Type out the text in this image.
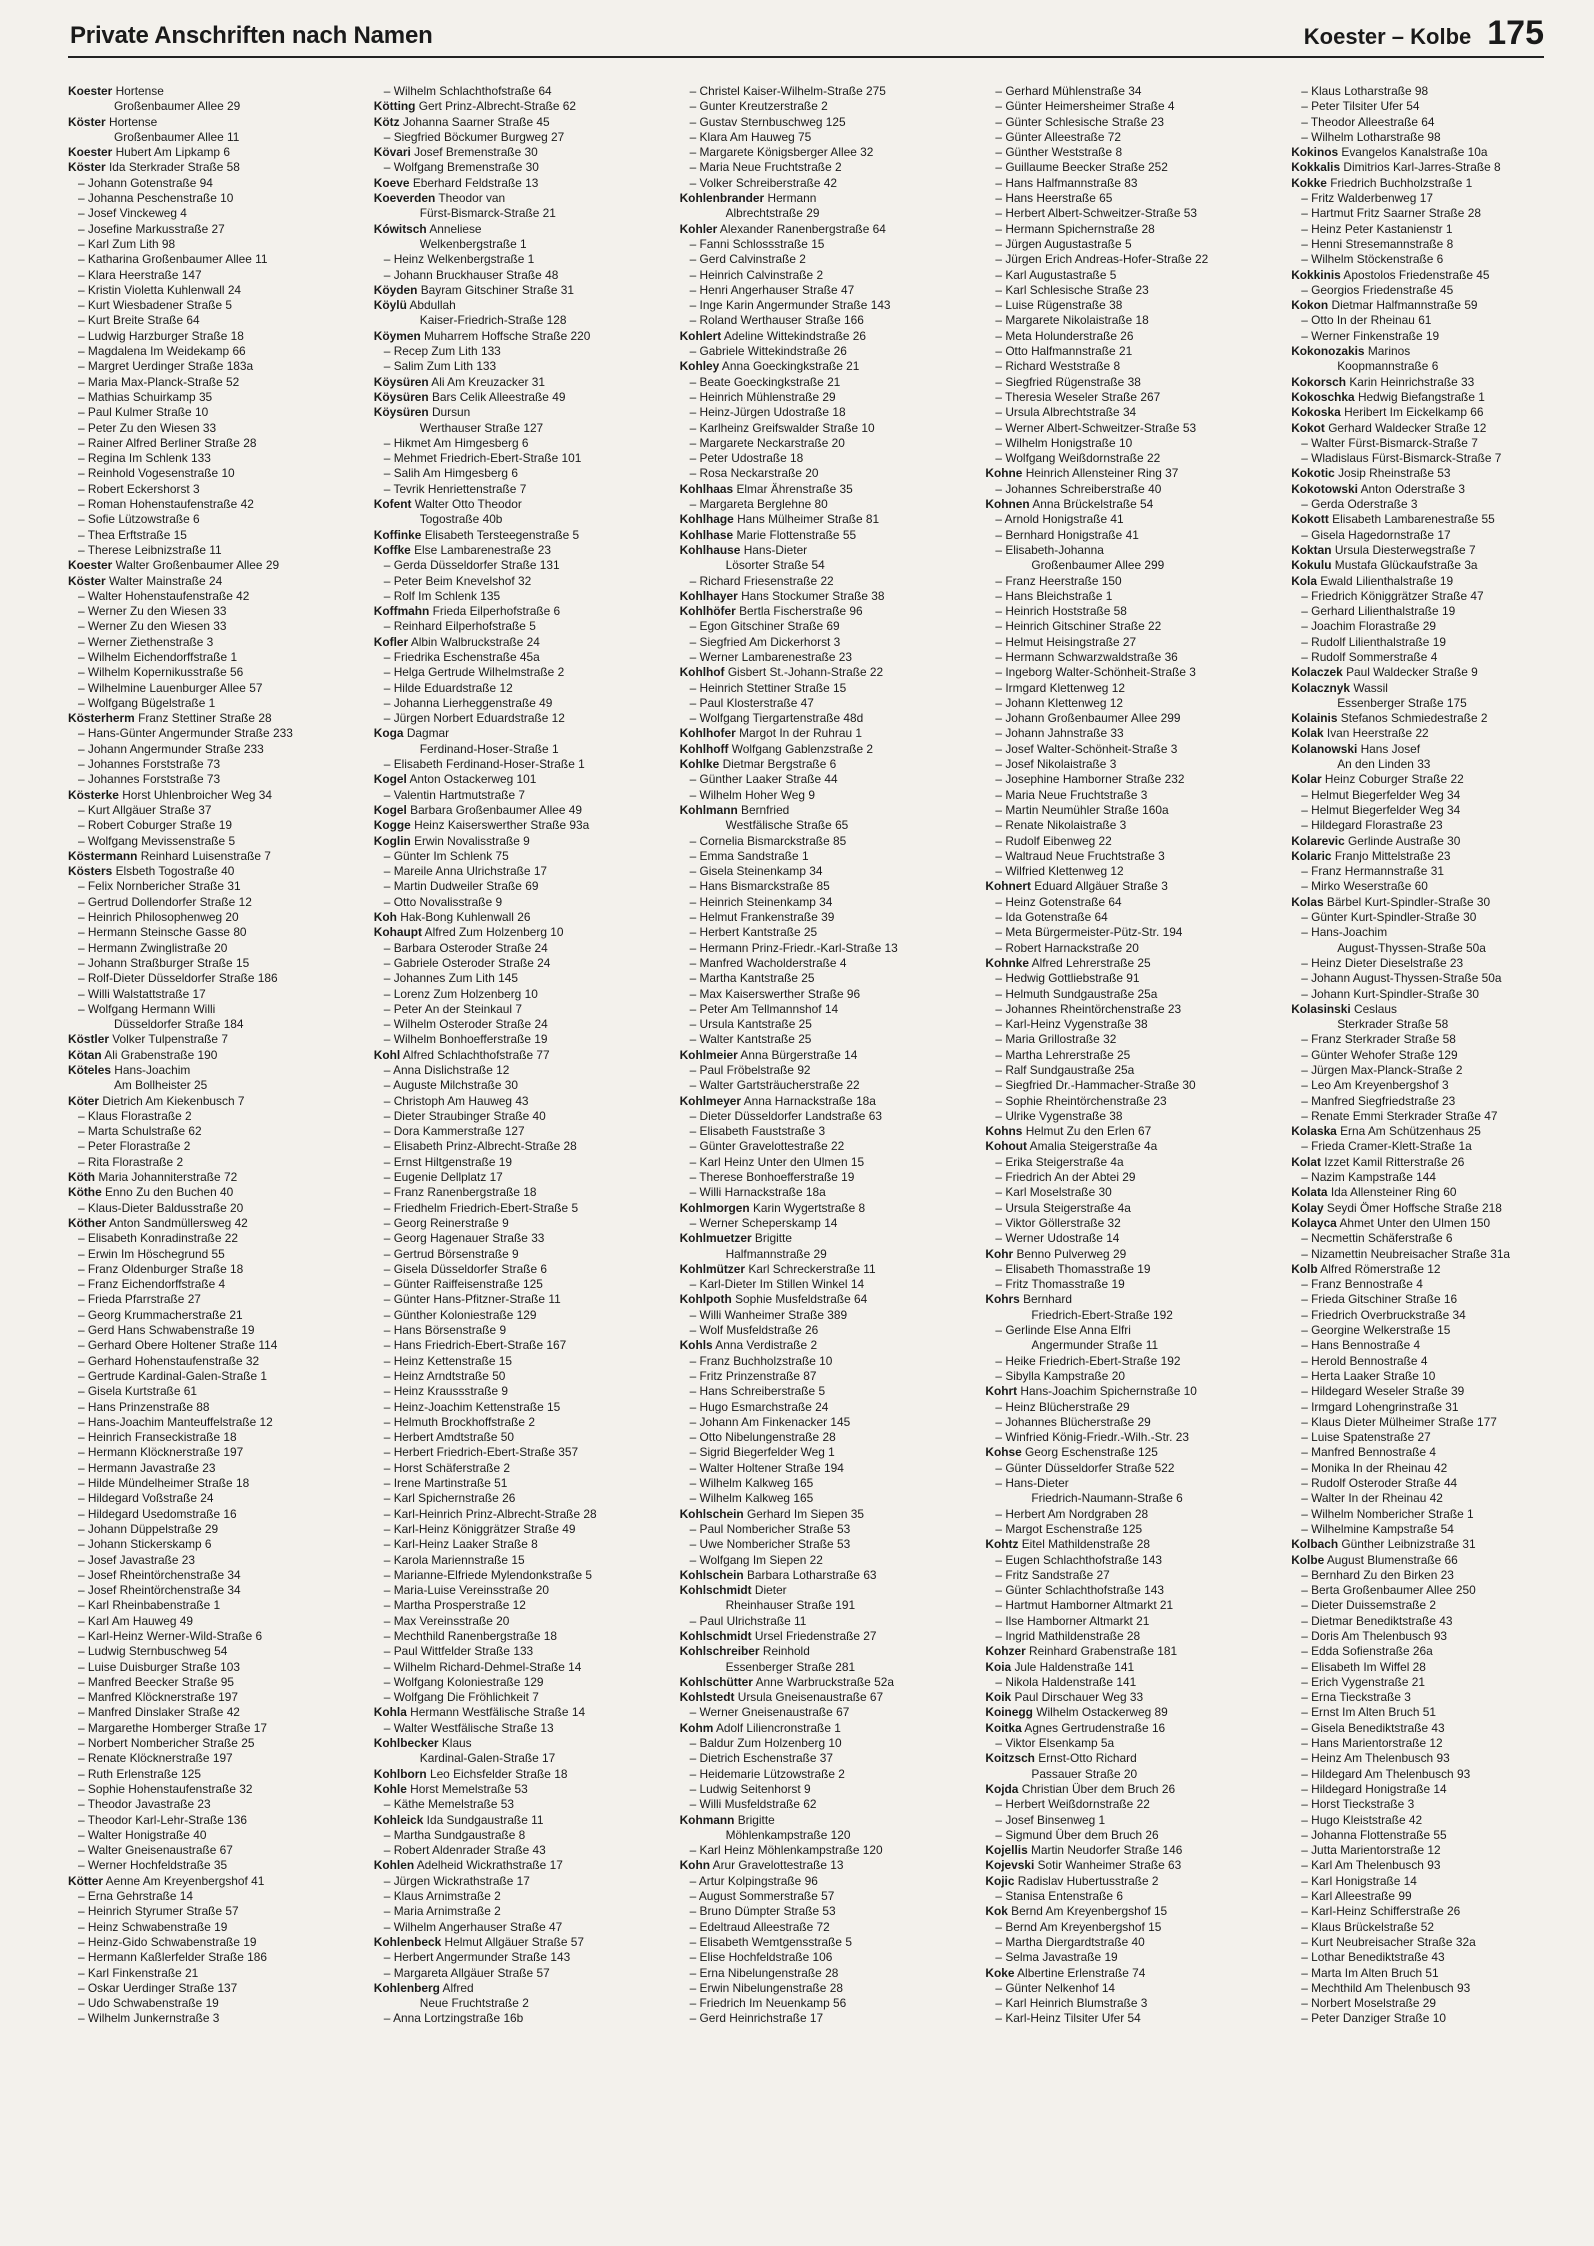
Private Anschriften nach Namen	Koester – Kolbe 175
Koester Hortense
Großenbaumer Allee 29
Köster Hortense
Großenbaumer Allee 11
Koester Hubert Am Lipkamp 6
Köster Ida Sterkrader Straße 58
– Johann Gotenstraße 94
– Johanna Peschenstraße 10
– Josef Vinckeweg 4
– Josefine Markusstraße 27
– Karl Zum Lith 98
– Katharina Großenbaumer Allee 11
– Klara Heerstraße 147
– Kristin Violetta Kuhlenwall 24
– Kurt Wiesbadener Straße 5
– Kurt Breite Straße 64
– Ludwig Harzburger Straße 18
– Magdalena Im Weidekamp 66
– Margret Uerdinger Straße 183a
– Maria Max-Planck-Straße 52
– Mathias Schuirkamp 35
– Paul Kulmer Straße 10
– Peter Zu den Wiesen 33
– Rainer Alfred Berliner Straße 28
– Regina Im Schlenk 133
– Reinhold Vogesenstraße 10
– Robert Eckershorst 3
– Roman Hohenstaufenstraße 42
– Sofie Lützowstraße 6
– Thea Erftstraße 15
– Therese Leibnizstraße 11
Koester Walter Großenbaumer Allee 29
Köster Walter Mainstraße 24
– Walter Hohenstaufenstraße 42
– Werner Zu den Wiesen 33
– Werner Zu den Wiesen 33
– Werner Ziethenstraße 3
– Wilhelm Eichendorffstraße 1
– Wilhelm Kopernikusstraße 56
– Wilhelmine Lauenburger Allee 57
– Wolfgang Bügelstraße 1
Kösterherm Franz Stettiner Straße 28
– Hans-Günter Angermunder Straße 233
– Johann Angermunder Straße 233
– Johannes Forststraße 73
– Johannes Forststraße 73
Kösterke Horst Uhlenbroicher Weg 34
– Kurt Allgäuer Straße 37
– Robert Coburger Straße 19
– Wolfgang Mevissenstraße 5
Köstermann Reinhard Luisenstraße 7
Kösters Elsbeth Togostraße 40
– Felix Nornbericher Straße 31
– Gertrud Dollendorfer Straße 12
– Heinrich Philosophenweg 20
– Hermann Steinsche Gasse 80
– Hermann Zwinglistraße 20
– Johann Straßburger Straße 15
– Rolf-Dieter Düsseldorfer Straße 186
– Willi Walstattstraße 17
– Wolfgang Hermann Willi
Düsseldorfer Straße 184
Köstler Volker Tulpenstraße 7
Kötan Ali Grabenstraße 190
Köteles Hans-Joachim
Am Bollheister 25
Köter Dietrich Am Kiekenbusch 7
– Klaus Florastraße 2
– Marta Schulstraße 62
– Peter Florastraße 2
– Rita Florastraße 2
Köth Maria Johanniterstraße 72
Köthe Enno Zu den Buchen 40
– Klaus-Dieter Baldusstraße 20
Köther Anton Sandmüllersweg 42
– Elisabeth Konradinstraße 22
– Erwin Im Höschegrund 55
– Franz Oldenburger Straße 18
– Franz Eichendorffstraße 4
– Frieda Pfarrstraße 27
– Georg Krummacherstraße 21
– Gerd Hans Schwabenstraße 19
– Gerhard Obere Holtener Straße 114
– Gerhard Hohenstaufenstraße 32
– Gertrude Kardinal-Galen-Straße 1
– Gisela Kurtstraße 61
– Hans Prinzenstraße 88
– Hans-Joachim Manteuffelstraße 12
– Heinrich Franseckistraße 18
– Hermann Klöcknerstraße 197
– Hermann Javastraße 23
– Hilde Mündelheimer Straße 18
– Hildegard Voßstraße 24
– Hildegard Usedomstraße 16
– Johann Düppelstraße 29
– Johann Stickerskamp 6
– Josef Javastraße 23
– Josef Rheintörchenstraße 34
– Josef Rheintörchenstraße 34
– Karl Rheinbabenstraße 1
– Karl Am Hauweg 49
– Karl-Heinz Werner-Wild-Straße 6
– Ludwig Sternbuschweg 54
– Luise Duisburger Straße 103
– Manfred Beecker Straße 95
– Manfred Klöcknerstraße 197
– Manfred Dinslaker Straße 42
– Margarethe Homberger Straße 17
– Norbert Nombericher Straße 25
– Renate Klöcknerstraße 197
– Ruth Erlenstraße 125
– Sophie Hohenstaufenstraße 32
– Theodor Javastraße 23
– Theodor Karl-Lehr-Straße 136
– Walter Honigstraße 40
– Walter Gneisenaustraße 67
– Werner Hochfeldstraße 35
Kötter Aenne Am Kreyenbergshof 41
– Erna Gehrstraße 14
– Heinrich Styrumer Straße 57
– Heinz Schwabenstraße 19
– Heinz-Gido Schwabenstraße 19
– Hermann Kaßlerfelder Straße 186
– Karl Finkenstraße 21
– Oskar Uerdinger Straße 137
– Udo Schwabenstraße 19
– Wilhelm Junkernstraße 3
– Wilhelm Schlachthofstraße 64
Kötting Gert Prinz-Albrecht-Straße 62
Kötz Johanna Saarner Straße 45
– Siegfried Böckumer Burgweg 27
Kövari Josef Bremenstraße 30
– Wolfgang Bremenstraße 30
Koeve Eberhard Feldstraße 13
Koeverden Theodor van
Fürst-Bismarck-Straße 21
Kówitsch Anneliese
Welkenbergstraße 1
– Heinz Welkenbergstraße 1
– Johann Bruckhauser Straße 48
Köyden Bayram Gitschiner Straße 31
Köylü Abdullah
Kaiser-Friedrich-Straße 128
Köymen Muharrem Hoffsche Straße 220
– Recep Zum Lith 133
– Salim Zum Lith 133
Köysüren Ali Am Kreuzacker 31
Köysüren Bars Celik Alleestraße 49
Köysüren Dursun
Werthauser Straße 127
– Hikmet Am Himgesberg 6
– Mehmet Friedrich-Ebert-Straße 101
– Salih Am Himgesberg 6
– Tevrik Henriettenstraße 7
Kofent Walter Otto Theodor
Togostraße 40b
Koffinke Elisabeth Tersteegenstraße 5
Koffke Else Lambarenestraße 23
– Gerda Düsseldorfer Straße 131
– Peter Beim Knevelshof 32
– Rolf Im Schlenk 135
Koffmahn Frieda Eilperhofstraße 6
– Reinhard Eilperhofstraße 5
Kofler Albin Walbruckstraße 24
– Friedrika Eschenstraße 45a
– Helga Gertrude Wilhelmstraße 2
– Hilde Eduardstraße 12
– Johanna Lierheggenstraße 49
– Jürgen Norbert Eduardstraße 12
Koga Dagmar
Ferdinand-Hoser-Straße 1
– Elisabeth Ferdinand-Hoser-Straße 1
Kogel Anton Ostackerweg 101
– Valentin Hartmutstraße 7
Kogel Barbara Großenbaumer Allee 49
Kogge Heinz Kaiserswerther Straße 93a
Koglin Erwin Novalisstraße 9
– Günter Im Schlenk 75
– Mareile Anna Ulrichstraße 17
– Martin Dudweiler Straße 69
– Otto Novalisstraße 9
Koh Hak-Bong Kuhlenwall 26
Kohaupt Alfred Zum Holzenberg 10
– Barbara Osteroder Straße 24
– Gabriele Osteroder Straße 24
– Johannes Zum Lith 145
– Lorenz Zum Holzenberg 10
– Peter An der Steinkaul 7
– Wilhelm Osteroder Straße 24
– Wilhelm Bonhoefferstraße 19
Kohl Alfred Schlachthofstraße 77
– Anna Dislichstraße 12
– Auguste Milchstraße 30
– Christoph Am Hauweg 43
– Dieter Straubinger Straße 40
– Dora Kammerstraße 127
– Elisabeth Prinz-Albrecht-Straße 28
– Ernst Hiltgenstraße 19
– Eugenie Dellplatz 17
– Franz Ranenbergstraße 18
– Friedhelm Friedrich-Ebert-Straße 5
– Georg Reinerstraße 9
– Georg Hagenauer Straße 33
– Gertrud Börsenstraße 9
– Gisela Düsseldorfer Straße 6
– Günter Raiffeisenstraße 125
– Günter Hans-Pfitzner-Straße 11
– Günther Koloniestraße 129
– Hans Börsenstraße 9
– Hans Friedrich-Ebert-Straße 167
– Heinz Kettenstraße 15
– Heinz Arndtstraße 50
– Heinz Kraussstraße 9
– Heinz-Joachim Kettenstraße 15
– Helmuth Brockhoffstraße 2
– Herbert Amdtstraße 50
– Herbert Friedrich-Ebert-Straße 357
– Horst Schäferstraße 2
– Irene Martinstraße 51
– Karl Spichernstraße 26
– Karl-Heinrich Prinz-Albrecht-Straße 28
– Karl-Heinz Königgrätzer Straße 49
– Karl-Heinz Laaker Straße 8
– Karola Mariennstraße 15
– Marianne-Elfriede Mylendonkstraße 5
– Maria-Luise Vereinsstraße 20
– Martha Prosperstraße 12
– Max Vereinsstraße 20
– Mechthild Ranenbergstraße 18
– Paul Wittfelder Straße 133
– Wilhelm Richard-Dehmel-Straße 14
– Wolfgang Koloniestraße 129
– Wolfgang Die Fröhlichkeit 7
Kohla Hermann Westfälische Straße 14
– Walter Westfälische Straße 13
Kohlbecker Klaus
Kardinal-Galen-Straße 17
Kohlborn Leo Eichsfelder Straße 18
Kohle Horst Memelstraße 53
– Käthe Memelstraße 53
Kohleick Ida Sundgaustraße 11
– Martha Sundgaustraße 8
– Robert Aldenrader Straße 43
Kohlen Adelheid Wickrathstraße 17
– Jürgen Wickrathstraße 17
– Klaus Arnimstraße 2
– Maria Arnimstraße 2
– Wilhelm Angerhauser Straße 47
Kohlenbeck Helmut Allgäuer Straße 57
– Herbert Angermunder Straße 143
– Margareta Allgäuer Straße 57
Kohlenberg Alfred
Neue Fruchtstraße 2
– Anna Lortzingstraße 16b
– Christel Kaiser-Wilhelm-Straße 275
– Gunter Kreutzerstraße 2
– Gustav Sternbuschweg 125
– Klara Am Hauweg 75
– Margarete Königsberger Allee 32
– Maria Neue Fruchtstraße 2
– Volker Schreiberstraße 42
Kohlenbrander Hermann
Albrechtstraße 29
Kohler Alexander Ranenbergstraße 64
– Fanni Schlossstraße 15
– Gerd Calvinstraße 2
– Heinrich Calvinstraße 2
– Henri Angerhauser Straße 47
– Inge Karin Angermunder Straße 143
– Roland Werthauser Straße 166
Kohlert Adeline Wittekindstraße 26
– Gabriele Wittekindstraße 26
Kohley Anna Goeckingkstraße 21
– Beate Goeckingkstraße 21
– Heinrich Mühlenstraße 29
– Heinz-Jürgen Udostraße 18
– Karlheinz Greifswalder Straße 10
– Margarete Neckarstraße 20
– Peter Udostraße 18
– Rosa Neckarstraße 20
Kohlhaas Elmar Ährenstraße 35
– Margareta Berglehne 80
Kohlhage Hans Mülheimer Straße 81
Kohlhase Marie Flottenstraße 55
Kohlhause Hans-Dieter
Lösorter Straße 54
– Richard Friesenstraße 22
Kohlhayer Hans Stockumer Straße 38
Kohlhöfer Bertla Fischerstraße 96
– Egon Gitschiner Straße 69
– Siegfried Am Dickerhorst 3
– Werner Lambarenestraße 23
Kohlhof Gisbert St.-Johann-Straße 22
– Heinrich Stettiner Straße 15
– Paul Klosterstraße 47
– Wolfgang Tiergartenstraße 48d
Kohlhofer Margot In der Ruhrau 1
Kohlhoff Wolfgang Gablenzstraße 2
Kohlke Dietmar Bergstraße 6
– Günther Laaker Straße 44
– Wilhelm Hoher Weg 9
Kohlmann Bernfried
Westfälische Straße 65
– Cornelia Bismarckstraße 85
– Emma Sandstraße 1
– Gisela Steinenkamp 34
– Hans Bismarckstraße 85
– Heinrich Steinenkamp 34
– Helmut Frankenstraße 39
– Herbert Kantstraße 25
– Hermann Prinz-Friedr.-Karl-Straße 13
– Manfred Wacholderstraße 4
– Martha Kantstraße 25
– Max Kaiserswerther Straße 96
– Peter Am Tellmannshof 14
– Ursula Kantstraße 25
– Walter Kantstraße 25
Kohlmeier Anna Bürgerstraße 14
– Paul Fröbelstraße 92
– Walter Gartsträucherstraße 22
Kohlmeyer Anna Harnackstraße 18a
– Dieter Düsseldorfer Landstraße 63
– Elisabeth Fauststraße 3
– Günter Gravelottestraße 22
– Karl Heinz Unter den Ulmen 15
– Therese Bonhoefferstraße 19
– Willi Harnackstraße 18a
Kohlmorgen Karin Wygertstraße 8
– Werner Scheperskamp 14
Kohlmuetzer Brigitte
Halfmannstraße 29
Kohlmützer Karl Schreckerstraße 11
– Karl-Dieter Im Stillen Winkel 14
Kohlpoth Sophie Musfeldstraße 64
– Willi Wanheimer Straße 389
– Wolf Musfeldstraße 26
Kohls Anna Verdistraße 2
– Franz Buchholzstraße 10
– Fritz Prinzenstraße 87
– Hans Schreiberstraße 5
– Hugo Esmarchstraße 24
– Johann Am Finkenacker 145
– Otto Nibelungenstraße 28
– Sigrid Biegerfelder Weg 1
– Walter Holtener Straße 194
– Wilhelm Kalkweg 165
– Wilhelm Kalkweg 165
Kohlschein Gerhard Im Siepen 35
– Paul Nombericher Straße 53
– Uwe Nombericher Straße 53
– Wolfgang Im Siepen 22
Kohlschein Barbara Lotharstraße 63
Kohlschmidt Dieter
Rheinhauser Straße 191
– Paul Ulrichstraße 11
Kohlschmidt Ursel Friedenstraße 27
Kohlschreiber Reinhold
Essenberger Straße 281
Kohlschütter Anne Warbruckstraße 52a
Kohlstedt Ursula Gneisenaustraße 67
– Werner Gneisenaustraße 67
Kohm Adolf Liliencronstraße 1
– Baldur Zum Holzenberg 10
– Dietrich Eschenstraße 37
– Heidemarie Lützowstraße 2
– Ludwig Seitenhorst 9
– Willi Musfeldstraße 62
Kohmann Brigitte
Möhlenkampstraße 120
– Karl Heinz Möhlenkampstraße 120
Kohn Arur Gravelottestraße 13
– Artur Kolpingstraße 96
– August Sommerstraße 57
– Bruno Dümpter Straße 53
– Edeltraud Alleestraße 72
– Elisabeth Wemtgensstraße 5
– Elise Hochfeldstraße 106
– Erna Nibelungenstraße 28
– Erwin Nibelungenstraße 28
– Friedrich Im Neuenkamp 56
– Gerd Heinrichstraße 17
– Gerhard Mühlenstraße 34
– Günter Heimersheimer Straße 4
– Günter Schlesische Straße 23
– Günter Alleestraße 72
– Günther Weststraße 8
– Guillaume Beecker Straße 252
– Hans Halfmannstraße 83
– Hans Heerstraße 65
– Herbert Albert-Schweitzer-Straße 53
– Hermann Spichernstraße 28
– Jürgen Augustastraße 5
– Jürgen Erich Andreas-Hofer-Straße 22
– Karl Augustastraße 5
– Karl Schlesische Straße 23
– Luise Rügenstraße 38
– Margarete Nikolaistraße 18
– Meta Holunderstraße 26
– Otto Halfmannstraße 21
– Richard Weststraße 8
– Siegfried Rügenstraße 38
– Theresia Weseler Straße 267
– Ursula Albrechtstraße 34
– Werner Albert-Schweitzer-Straße 53
– Wilhelm Honigstraße 10
– Wolfgang Weißdornstraße 22
Kohne Heinrich Allensteiner Ring 37
– Johannes Schreiberstraße 40
Kohnen Anna Brückelstraße 54
– Arnold Honigstraße 41
– Bernhard Honigstraße 41
– Elisabeth-Johanna
Großenbaumer Allee 299
– Franz Heerstraße 150
– Hans Bleichstraße 1
– Heinrich Hoststraße 58
– Heinrich Gitschiner Straße 22
– Helmut Heisingstraße 27
– Hermann Schwarzwaldstraße 36
– Ingeborg Walter-Schönheit-Straße 3
– Irmgard Klettenweg 12
– Johann Klettenweg 12
– Johann Großenbaumer Allee 299
– Johann Jahnstraße 33
– Josef Walter-Schönheit-Straße 3
– Josef Nikolaistraße 3
– Josephine Hamborner Straße 232
– Maria Neue Fruchtstraße 3
– Martin Neumühler Straße 160a
– Renate Nikolaistraße 3
– Rudolf Eibenweg 22
– Waltraud Neue Fruchtstraße 3
– Wilfried Klettenweg 12
Kohnert Eduard Allgäuer Straße 3
– Heinz Gotenstraße 64
– Ida Gotenstraße 64
– Meta Bürgermeister-Pütz-Str. 194
– Robert Harnackstraße 20
Kohnke Alfred Lehrerstraße 25
– Hedwig Gottliebstraße 91
– Helmuth Sundgaustraße 25a
– Johannes Rheintörchenstraße 23
– Karl-Heinz Vygenstraße 38
– Maria Grillostraße 32
– Martha Lehrerstraße 25
– Ralf Sundgaustraße 25a
– Siegfried Dr.-Hammacher-Straße 30
– Sophie Rheintörchenstraße 23
– Ulrike Vygenstraße 38
Kohns Helmut Zu den Erlen 67
Kohout Amalia Steigerstraße 4a
– Erika Steigerstraße 4a
– Friedrich An der Abtei 29
– Karl Moselstraße 30
– Ursula Steigerstraße 4a
– Viktor Göllerstraße 32
– Werner Udostraße 14
Kohr Benno Pulverweg 29
– Elisabeth Thomasstraße 19
– Fritz Thomasstraße 19
Kohrs Bernhard
Friedrich-Ebert-Straße 192
– Gerlinde Else Anna Elfri
Angermunder Straße 11
– Heike Friedrich-Ebert-Straße 192
– Sibylla Kampstraße 20
Kohrt Hans-Joachim Spichernstraße 10
– Heinz Blücherstraße 29
– Johannes Blücherstraße 29
– Winfried König-Friedr.-Wilh.-Str. 23
Kohse Georg Eschenstraße 125
– Günter Düsseldorfer Straße 522
– Hans-Dieter
Friedrich-Naumann-Straße 6
– Herbert Am Nordgraben 28
– Margot Eschenstraße 125
Kohtz Eitel Mathildenstraße 28
– Eugen Schlachthofstraße 143
– Fritz Sandstraße 27
– Günter Schlachthofstraße 143
– Hartmut Hamborner Altmarkt 21
– Ilse Hamborner Altmarkt 21
– Ingrid Mathildenstraße 28
Kohzer Reinhard Grabenstraße 181
Koia Jule Haldenstraße 141
– Nikola Haldenstraße 141
Koik Paul Dirschauer Weg 33
Koinegg Wilhelm Ostackerweg 89
Koitka Agnes Gertrudenstraße 16
– Viktor Elsenkamp 5a
Koitzsch Ernst-Otto Richard
Passauer Straße 20
Kojda Christian Über dem Bruch 26
– Herbert Weißdornstraße 22
– Josef Binsenweg 1
– Sigmund Über dem Bruch 26
Kojellis Martin Neudorfer Straße 146
Kojevski Sotir Wanheimer Straße 63
Kojic Radislav Hubertusstraße 2
– Stanisa Entenstraße 6
Kok Bernd Am Kreyenbergshof 15
– Bernd Am Kreyenbergshof 15
– Martha Diergardtstraße 40
– Selma Javastraße 19
Koke Albertine Erlenstraße 74
– Günter Nelkenhof 14
– Karl Heinrich Blumstraße 3
– Karl-Heinz Tilsiter Ufer 54
– Klaus Lotharstraße 98
– Peter Tilsiter Ufer 54
– Theodor Alleestraße 64
– Wilhelm Lotharstraße 98
Kokinos Evangelos Kanalstraße 10a
Kokkalis Dimitrios Karl-Jarres-Straße 8
Kokke Friedrich Buchholzstraße 1
– Fritz Walderbenweg 17
– Hartmut Fritz Saarner Straße 28
– Heinz Peter Kastanienstr 1
– Henni Stresemannstraße 8
– Wilhelm Stöckenstraße 6
Kokkinis Apostolos Friedenstraße 45
– Georgios Friedenstraße 45
Kokon Dietmar Halfmannstraße 59
– Otto In der Rheinau 61
– Werner Finkenstraße 19
Kokonozakis Marinos
Koopmannstraße 6
Kokorsch Karin Heinrichstraße 33
Kokoschka Hedwig Biefangstraße 1
Kokoska Heribert Im Eickelkamp 66
Kokot Gerhard Waldecker Straße 12
– Walter Fürst-Bismarck-Straße 7
– Wladislaus Fürst-Bismarck-Straße 7
Kokotic Josip Rheinstraße 53
Kokotowski Anton Oderstraße 3
– Gerda Oderstraße 3
Kokott Elisabeth Lambarenestraße 55
– Gisela Hagedornstraße 17
Koktan Ursula Diesterwegstraße 7
Kokulu Mustafa Glückaufstraße 3a
Kola Ewald Lilienthalstraße 19
– Friedrich Königgrätzer Straße 47
– Gerhard Lilienthalstraße 19
– Joachim Florastraße 29
– Rudolf Lilienthalstraße 19
– Rudolf Sommerstraße 4
Kolaczek Paul Waldecker Straße 9
Kolacznyk Wassil
Essenberger Straße 175
Kolainis Stefanos Schmiedestraße 2
Kolak Ivan Heerstraße 22
Kolanowski Hans Josef
An den Linden 33
Kolar Heinz Coburger Straße 22
– Helmut Biegerfelder Weg 34
– Helmut Biegerfelder Weg 34
– Hildegard Florastraße 23
Kolarevic Gerlinde Austraße 30
Kolaric Franjo Mittelstraße 23
– Franz Hermannstraße 31
– Mirko Weserstraße 60
Kolas Bärbel Kurt-Spindler-Straße 30
– Günter Kurt-Spindler-Straße 30
– Hans-Joachim
August-Thyssen-Straße 50a
– Heinz Dieter Dieselstraße 23
– Johann August-Thyssen-Straße 50a
– Johann Kurt-Spindler-Straße 30
Kolasinski Ceslaus
Sterkrader Straße 58
– Franz Sterkrader Straße 58
– Günter Wehofer Straße 129
– Jürgen Max-Planck-Straße 2
– Leo Am Kreyenbergshof 3
– Manfred Siegfriedstraße 23
– Renate Emmi Sterkrader Straße 47
Kolaska Erna Am Schützenhaus 25
– Frieda Cramer-Klett-Straße 1a
Kolat Izzet Kamil Ritterstraße 26
– Nazim Kampstraße 144
Kolata Ida Allensteiner Ring 60
Kolay Seydi Ömer Hoffsche Straße 218
Kolayca Ahmet Unter den Ulmen 150
– Necmettin Schäferstraße 6
– Nizamettin Neubreisacher Straße 31a
Kolb Alfred Römerstraße 12
– Franz Bennostraße 4
– Frieda Gitschiner Straße 16
– Friedrich Overbruckstraße 34
– Georgine Welkerstraße 15
– Hans Bennostraße 4
– Herold Bennostraße 4
– Herta Laaker Straße 10
– Hildegard Weseler Straße 39
– Irmgard Lohengrinstraße 31
– Klaus Dieter Mülheimer Straße 177
– Luise Spatenstraße 27
– Manfred Bennostraße 4
– Monika In der Rheinau 42
– Rudolf Osteroder Straße 44
– Walter In der Rheinau 42
– Wilhelm Nombericher Straße 1
– Wilhelmine Kampstraße 54
Kolbach Günther Leibnizstraße 31
Kolbe August Blumenstraße 66
– Bernhard Zu den Birken 23
– Berta Großenbaumer Allee 250
– Dieter Duissemstraße 2
– Dietmar Benediktstraße 43
– Doris Am Thelenbusch 93
– Edda Sofienstraße 26a
– Elisabeth Im Wiffel 28
– Erich Vygenstraße 21
– Erna Tieckstraße 3
– Ernst Im Alten Bruch 51
– Gisela Benediktstraße 43
– Hans Marientorstraße 12
– Heinz Am Thelenbusch 93
– Hildegard Am Thelenbusch 93
– Hildegard Honigstraße 14
– Horst Tieckstraße 3
– Hugo Kleiststraße 42
– Johanna Flottenstraße 55
– Jutta Marientorstraße 12
– Karl Am Thelenbusch 93
– Karl Honigstraße 14
– Karl Alleestraße 99
– Karl-Heinz Schifferstraße 26
– Klaus Brückelstraße 52
– Kurt Neubreisacher Straße 32a
– Lothar Benediktstraße 43
– Marta Im Alten Bruch 51
– Mechthild Am Thelenbusch 93
– Norbert Moselstraße 29
– Peter Danziger Straße 10
